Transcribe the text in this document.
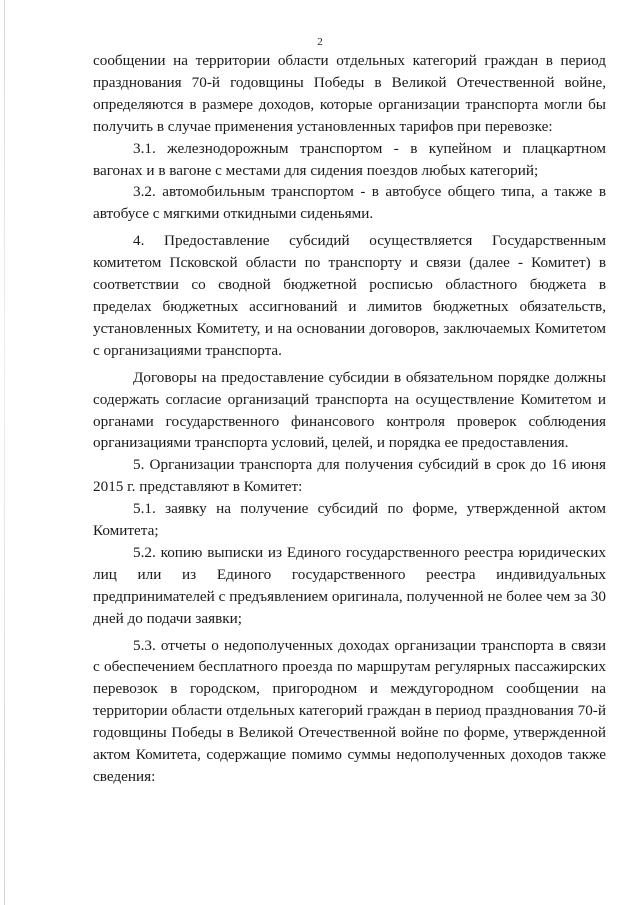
2

сообщении на территории области отдельных категорий граждан в период празднования 70-й годовщины Победы в Великой Отечественной войне, определяются в размере доходов, которые организации транспорта могли бы получить в случае применения установленных тарифов при перевозке:

3.1. железнодорожным транспортом - в купейном и плацкартном вагонах и в вагоне с местами для сидения поездов любых категорий;

3.2. автомобильным транспортом - в автобусе общего типа, а также в автобусе с мягкими откидными сиденьями.

4. Предоставление субсидий осуществляется Государственным комитетом Псковской области по транспорту и связи (далее - Комитет) в соответствии со сводной бюджетной росписью областного бюджета в пределах бюджетных ассигнований и лимитов бюджетных обязательств, установленных Комитету, и на основании договоров, заключаемых Комитетом с организациями транспорта.

Договоры на предоставление субсидии в обязательном порядке должны содержать согласие организаций транспорта на осуществление Комитетом и органами государственного финансового контроля проверок соблюдения организациями транспорта условий, целей, и порядка ее предоставления.

5. Организации транспорта для получения субсидий в срок до 16 июня 2015 г. представляют в Комитет:

5.1. заявку на получение субсидий по форме, утвержденной актом Комитета;

5.2. копию выписки из Единого государственного реестра юридических лиц или из Единого государственного реестра индивидуальных предпринимателей с предъявлением оригинала, полученной не более чем за 30 дней до подачи заявки;

5.3. отчеты о недополученных доходах организации транспорта в связи с обеспечением бесплатного проезда по маршрутам регулярных пассажирских перевозок в городском, пригородном и междугородном сообщении на территории области отдельных категорий граждан в период празднования 70-й годовщины Победы в Великой Отечественной войне по форме, утвержденной актом Комитета, содержащие помимо суммы недополученных доходов также сведения:
